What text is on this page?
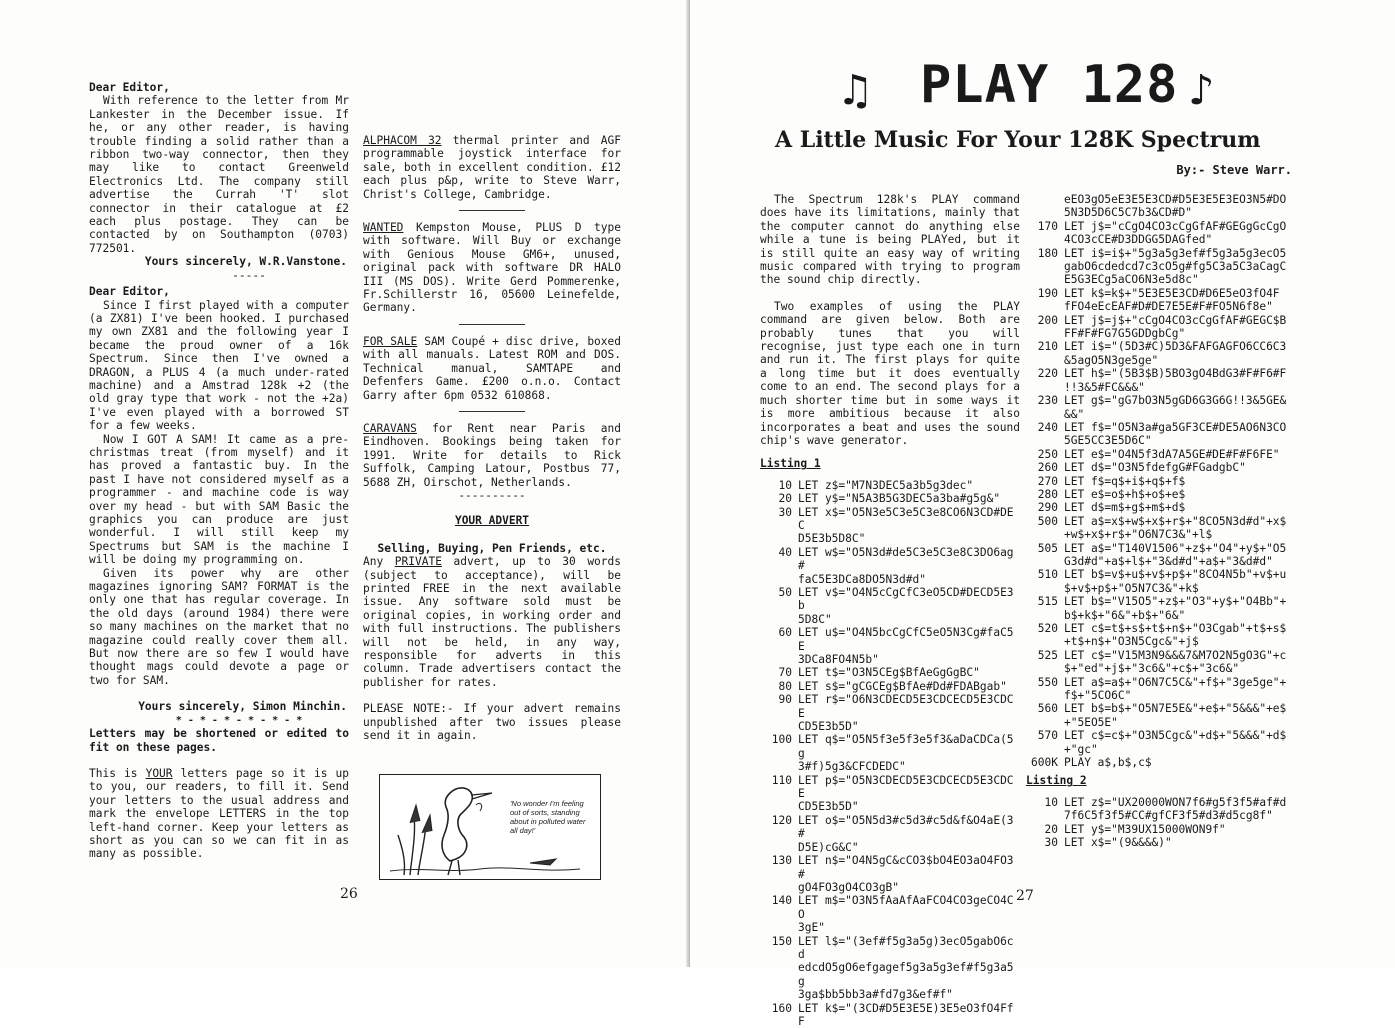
Dear Editor,

With reference to the letter from Mr Lankester in the December issue. If he, or any other reader, is having trouble finding a solid rather than a ribbon two-way connector, then they may like to contact Greenweld Electronics Ltd. The company still advertise the Currah 'T' slot connector in their catalogue at £2 each plus postage. They can be contacted by on Southampton (0703) 772501.

Yours sincerely, W.R.Vanstone.

-----

Dear Editor,

Since I first played with a computer (a ZX81) I've been hooked. I purchased my own ZX81 and the following year I became the proud owner of a 16k Spectrum. Since then I've owned a DRAGON, a PLUS 4 (a much under-rated machine) and a Amstrad 128k +2 (the old gray type that work - not the +2a) I've even played with a borrowed ST for a few weeks.

Now I GOT A SAM! It came as a pre-christmas treat (from myself) and it has proved a fantastic buy. In the past I have not considered myself as a programmer - and machine code is way over my head - but with SAM Basic the graphics you can produce are just wonderful. I will still keep my Spectrums but SAM is the machine I will be doing my programming on.

Given its power why are other magazines ignoring SAM? FORMAT is the only one that has regular coverage. In the old days (around 1984) there were so many machines on the market that no magazine could really cover them all. But now there are so few I would have thought mags could devote a page or two for SAM.

Yours sincerely, Simon Minchin.

* - * - * - * - * - *

Letters may be shortened or edited to fit on these pages.

This is YOUR letters page so it is up to you, our readers, to fill it. Send your letters to the usual address and mark the envelope LETTERS in the top left-hand corner. Keep your letters as short as you can so we can fit in as many as possible.

ALPHACOM 32 thermal printer and AGF programmable joystick interface for sale, both in excellent condition. £12 each plus p&p, write to Steve Warr, Christ's College, Cambridge.

WANTED Kempston Mouse, PLUS D type with software. Will Buy or exchange with Genious Mouse GM6+, unused, original pack with software DR HALO III (MS DOS). Write Gerd Pommerenke, Fr.Schillerstr 16, 05600 Leinefelde, Germany.

FOR SALE SAM Coupé + disc drive, boxed with all manuals. Latest ROM and DOS. Technical manual, SAMTAPE and Defenfers Game. £200 o.n.o. Contact Garry after 6pm 0532 610868.

CARAVANS for Rent near Paris and Eindhoven. Bookings being taken for 1991. Write for details to Rick Suffolk, Camping Latour, Postbus 77, 5688 ZH, Oirschot, Netherlands.

----------

YOUR ADVERT

Selling, Buying, Pen Friends, etc.

Any PRIVATE advert, up to 30 words (subject to acceptance), will be printed FREE in the next available issue. Any software sold must be original copies, in working order and with full instructions. The publishers will not be held, in any way, responsible for adverts in this column. Trade advertisers contact the publisher for rates.

PLEASE NOTE:- If your advert remains unpublished after two issues please send it in again.

'No wonder I'm feeling out of sorts, standing about in polluted water all day!'
26
♫ PLAY 128 ♪
A Little Music For Your 128K Spectrum
By:- Steve Warr.

The Spectrum 128k's PLAY command does have its limitations, mainly that the computer cannot do anything else while a tune is being PLAYed, but it is still quite an easy way of writing music compared with trying to program the sound chip directly.

Two examples of using the PLAY command are given below. Both are probably tunes that you will recognise, just type each one in turn and run it. The first plays for quite a long time but it does eventually come to an end. The second plays for a much shorter time but in some ways it is more ambitious because it also incorporates a beat and uses the sound chip's wave generator.

Listing 1
10 LET z$="M7N3DEC5a3b5g3dec"
20 LET y$="N5A3B5G3DEC5a3ba#g5g&"
30 LET x$="O5N3e5C3e5C3e8CO6N3CD#DEC
D5E3b5D8C"
40 LET w$="O5N3d#de5C3e5C3e8C3DO6ag#
faC5E3DCa8DO5N3d#d"
50 LET v$="O4N5cCgCfC3eO5CD#DECD5E3b
5D8C"
60 LET u$="O4N5bcCgCfC5eO5N3Cg#faC5E
3DCa8FO4N5b"
70 LET t$="O3N5CEg$BfAeGgGgBC"
80 LET s$="gCGCEg$BfAe#Dd#FDABgab"
90 LET r$="O6N3CDECD5E3CDCECD5E3CDCE
CD5E3b5D"
100 LET q$="O5N5f3e5f3e5f3&aDaCDCa(5g
3#f)5g3&CFCDEDC"
110 LET p$="O5N3CDECD5E3CDCECD5E3CDCE
CD5E3b5D"
120 LET o$="O5N5d3#c5d3#c5d&f&O4aE(3#
D5E)cG&C"
130 LET n$="O4N5gC&cCO3$bO4EO3aO4FO3#
gO4FO3gO4CO3gB"
140 LET m$="O3N5fAaAfAaFCO4CO3geCO4CO
3gE"
150 LET l$="(3ef#f5g3a5g)3ecO5gabO6cd
edcdO5gO6efgagef5g3a5g3ef#f5g3a5g
3ga$bb5bb3a#fd7g3&ef#f"
160 LET k$="(3CD#D5E3E5E)3E5eO3fO4FfF
eEO3gO5eE3E5E3CD#D5E3E5E3EO3N5#DO
5N3D5D6C5C7b3&CD#D"
170 LET j$="cCgO4CO3cCgGfAF#GEGgGcCgO
4CO3cCE#D3DDGG5DAGfed"
180 LET i$=i$+"5g3a5g3ef#f5g3a5g3ecO5
gabO6cdedcd7c3cO5g#fg5C3a5C3aCagC
E5G3ECg5aCO6N3e5d8c"
190 LET k$=k$+"5E3E5E3CD#D6E5eO3fO4F
fFO4eEcEAF#D#DE7E5E#F#FO5N6f8e"
200 LET j$=j$+"cCgO4CO3cCgGfAF#GEGC$B
FF#F#FG7G5GDDgbCg"
210 LET i$="(5D3#C)5D3&FAFGAGFO6CC6C3
&5agO5N3ge5ge"
220 LET h$="(5B3$B)5BO3gO4BdG3#F#F6#F
!!3&5#FC&&&"
230 LET g$="gG7bO3N5gGD6G3G6G!!3&5GE&
&&"
240 LET f$="O5N3a#ga5GF3CE#DE5AO6N3CO
5GE5CC3E5D6C"
250 LET e$="O4N5f3dA7A5GE#DE#F#F6FE"
260 LET d$="O3N5fdefgG#FGadgbC"
270 LET f$=q$+i$+q$+f$
280 LET e$=o$+h$+o$+e$
290 LET d$=m$+g$+m$+d$
500 LET a$=x$+w$+x$+r$+"8CO5N3d#d"+x$
+w$+x$+r$+"O6N7C3&"+l$
505 LET a$="T140V1506"+z$+"O4"+y$+"O5
G3d#d"+a$+l$+"3&d#d"+a$+"3&d#d"
510 LET b$=v$+u$+v$+p$+"8CO4N5b"+v$+u
$+v$+p$+"O5N7C3&"+k$
515 LET b$="V15O5"+z$+"O3"+y$+"O4Bb"+
b$+k$+"6&"+b$+"6&"
520 LET c$=t$+s$+t$+n$+"O3Cgab"+t$+s$
+t$+n$+"O3N5Cgc&"+j$
525 LET c$="V15M3N9&&&7&M7O2N5gO3G"+c
$+"ed"+j$+"3c6&"+c$+"3c6&"
550 LET a$=a$+"O6N7C5C&"+f$+"3ge5ge"+
f$+"5CO6C"
560 LET b$=b$+"O5N7E5E&"+e$+"5&&&"+e$
+"5EO5E"
570 LET c$=c$+"O3N5Cgc&"+d$+"5&&&"+d$
+"gc"
600K PLAY a$,b$,c$
Listing 2
10 LET z$="UX20000WON7f6#g5f3f5#af#d
7f6C5f3f5#CC#gfCF3f5#d3#d5cg8f"
20 LET y$="M39UX15000WON9f"
30 LET x$="(9&&&&)"
27
